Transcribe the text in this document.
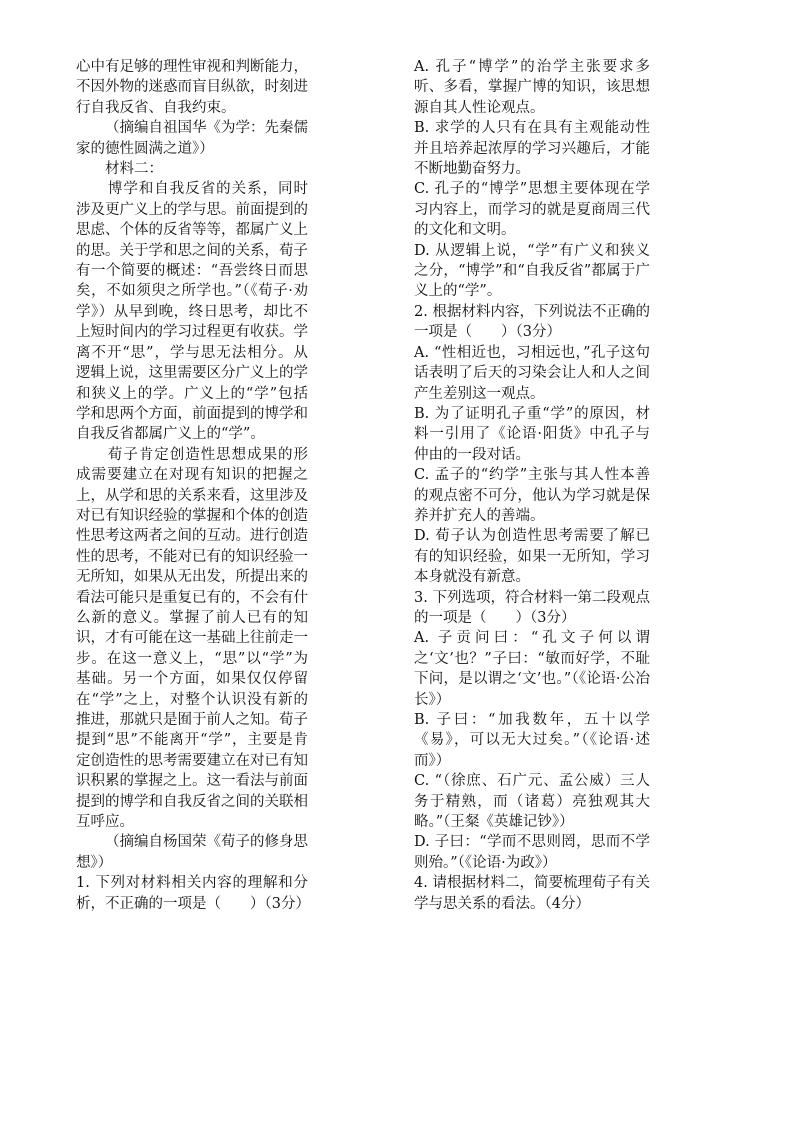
心中有足够的理性审视和判断能力，不因外物的迷惑而盲目纵欲，时刻进行自我反省、自我约束。

（摘编自祖国华《为学：先秦儒家的德性圆满之道》）

材料二：

博学和自我反省的关系，同时涉及更广义上的学与思。前面提到的思虑、个体的反省等等，都属广义上的思。关于学和思之间的关系，荀子有一个简要的概述：“吾尝终日而思矣，不如须臾之所学也。”（《荀子·劝学》）从早到晚，终日思考，却比不上短时间内的学习过程更有收获。学离不开“思”，学与思无法相分。从逻辑上说，这里需要区分广义上的学和狭义上的学。广义上的“学”包括学和思两个方面，前面提到的博学和自我反省都属广义上的“学”。

荀子肯定创造性思想成果的形成需要建立在对现有知识的把握之上，从学和思的关系来看，这里涉及对已有知识经验的掌握和个体的创造性思考这两者之间的互动。进行创造性的思考，不能对已有的知识经验一无所知，如果从无出发，所提出来的看法可能只是重复已有的，不会有什么新的意义。掌握了前人已有的知识，才有可能在这一基础上往前走一步。在这一意义上，“思”以“学”为基础。另一个方面，如果仅仅停留在“学”之上，对整个认识没有新的推进，那就只是囿于前人之知。荀子提到“思”不能离开“学”，主要是肯定创造性的思考需要建立在对已有知识积累的掌握之上。这一看法与前面提到的博学和自我反省之间的关联相互呼应。

（摘编自杨国荣《荀子的修身思想》）

1. 下列对材料相关内容的理解和分析，不正确的一项是（　　）（3分）

A. 孔子“博学”的治学主张要求多听、多看，掌握广博的知识，该思想源自其人性论观点。

B. 求学的人只有在具有主观能动性并且培养起浓厚的学习兴趣后，才能不断地勤奋努力。

C. 孔子的“博学”思想主要体现在学习内容上，而学习的就是夏商周三代的文化和文明。

D. 从逻辑上说，“学”有广义和狭义之分，“博学”和“自我反省”都属于广义上的“学”。

2. 根据材料内容，下列说法不正确的一项是（　　）（3分）

A. “性相近也，习相远也，”孔子这句话表明了后天的习染会让人和人之间产生差别这一观点。

B. 为了证明孔子重“学”的原因，材料一引用了《论语·阳货》中孔子与仲由的一段对话。

C. 孟子的“约学”主张与其人性本善的观点密不可分，他认为学习就是保养并扩充人的善端。

D. 荀子认为创造性思考需要了解已有的知识经验，如果一无所知，学习本身就没有新意。

3. 下列选项，符合材料一第二段观点的一项是（　　）（3分）

A. 子贡问曰：“孔文子何以谓之‘文’也？”子曰：“敏而好学，不耻下问，是以谓之‘文’也。”（《论语·公冶长》）

B. 子曰：“加我数年，五十以学《易》，可以无大过矣。”（《论语·述而》）

C. “（徐庶、石广元、孟公威）三人务于精熟，而（诸葛）亮独观其大略。”（王粲《英雄记钞》）

D. 子曰：“学而不思则罔，思而不学则殆。”（《论语·为政》）

4. 请根据材料二，简要梳理荀子有关学与思关系的看法。（4分）
